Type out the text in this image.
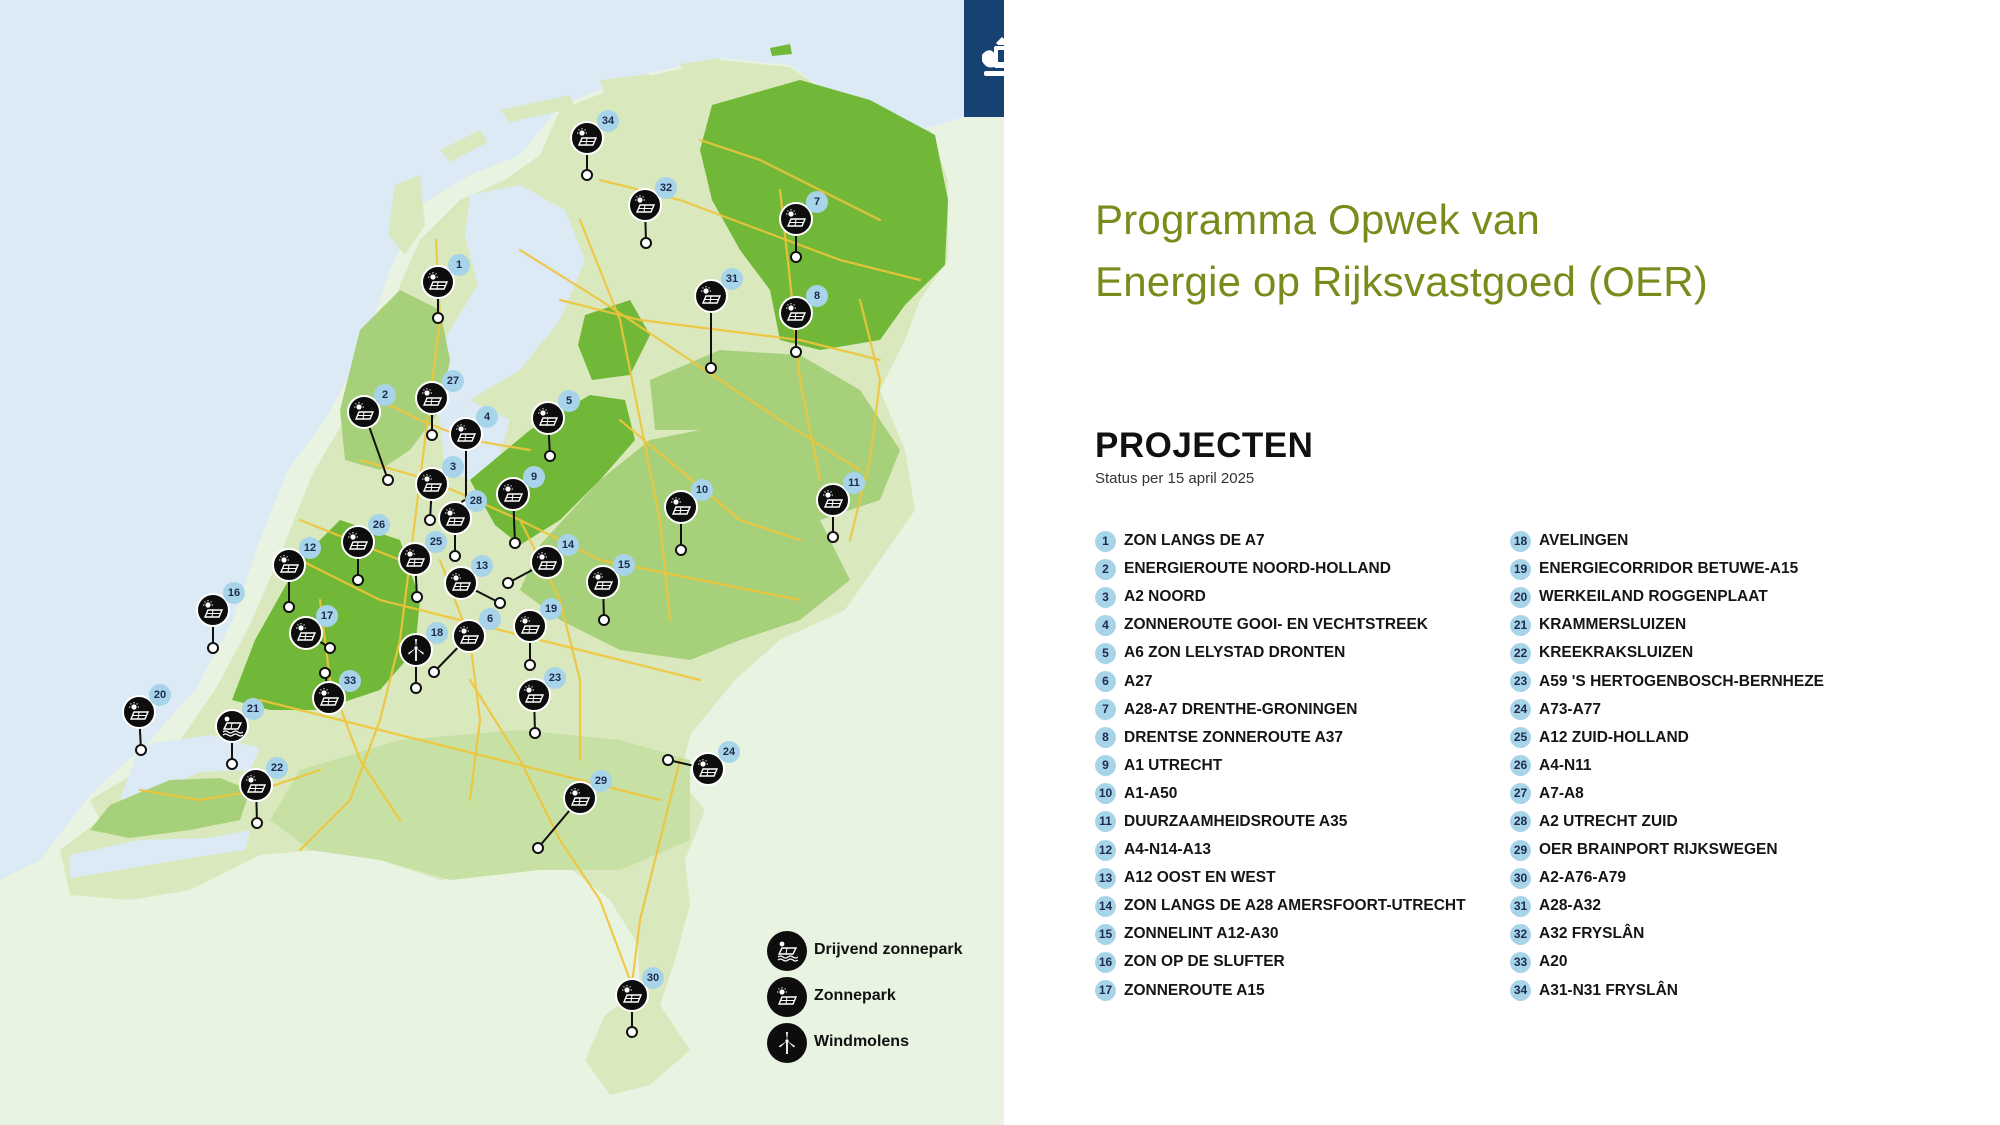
1
2
3
4
5
6
7
8
9
10
11
12
13
14
15
16
17
18
19
20
21
22
23
24
25
26
27
28
29
30
31
32
33
34
Programma Opwek van
Energie op Rijksvastgoed (OER)
PROJECTEN
Status per 15 april 2025
1 ZON LANGS DE A7
2 ENERGIEROUTE NOORD-HOLLAND
3 A2 NOORD
4 ZONNEROUTE GOOI- EN VECHTSTREEK
5 A6 ZON LELYSTAD DRONTEN
6 A27
7 A28-A7 DRENTHE-GRONINGEN
8 DRENTSE ZONNEROUTE A37
9 A1 UTRECHT
10 A1-A50
11 DUURZAAMHEIDSROUTE A35
12 A4-N14-A13
13 A12 OOST EN WEST
14 ZON LANGS DE A28 AMERSFOORT-UTRECHT
15 ZONNELINT A12-A30
16 ZON OP DE SLUFTER
17 ZONNEROUTE A15
18 AVELINGEN
19 ENERGIECORRIDOR BETUWE-A15
20 WERKEILAND ROGGENPLAAT
21 KRAMMERSLUIZEN
22 KREEKRAKSLUIZEN
23 A59 'S HERTOGENBOSCH-BERNHEZE
24 A73-A77
25 A12 ZUID-HOLLAND
26 A4-N11
27 A7-A8
28 A2 UTRECHT ZUID
29 OER BRAINPORT RIJKSWEGEN
30 A2-A76-A79
31 A28-A32
32 A32 FRYSLÂN
33 A20
34 A31-N31 FRYSLÂN
Drijvend zonnepark
Zonnepark
Windmolens
